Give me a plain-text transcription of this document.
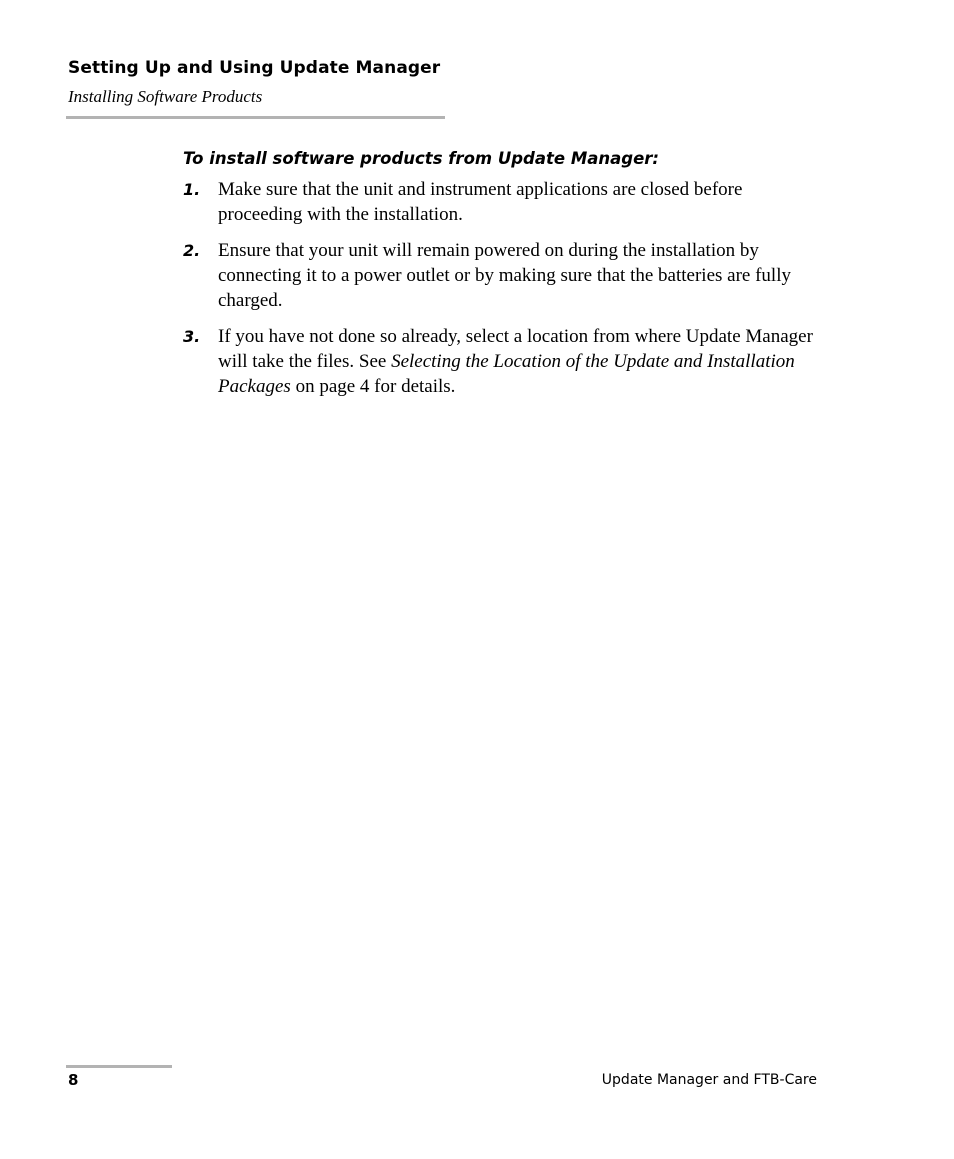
Setting Up and Using Update Manager
Installing Software Products
To install software products from Update Manager:
1. Make sure that the unit and instrument applications are closed before proceeding with the installation.
2. Ensure that your unit will remain powered on during the installation by connecting it to a power outlet or by making sure that the batteries are fully charged.
3. If you have not done so already, select a location from where Update Manager will take the files. See Selecting the Location of the Update and Installation Packages on page 4 for details.
8	Update Manager and FTB-Care
